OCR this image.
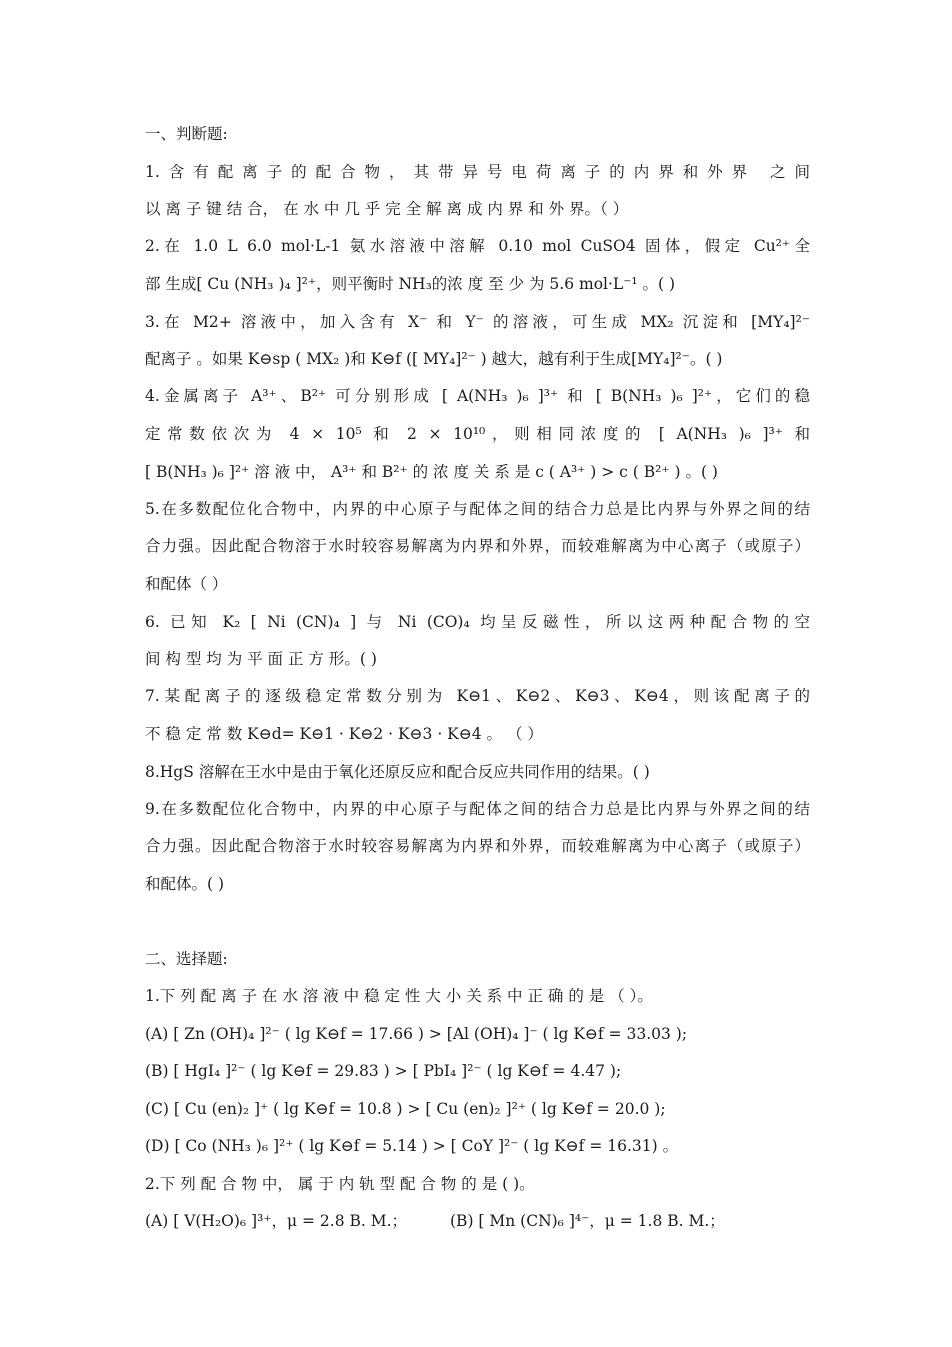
一、判断题:
1.含有配离子的配合物，其带异号电荷离子的内界和外界 之间
以 离 子 键 结 合， 在 水 中 几 乎 完 全 解 离 成 内 界 和 外 界。（ ）
2.在 1.0 L 6.0 mol·L-1 氨水溶液中溶解 0.10 mol CuSO4 固体，假定 Cu²⁺全
部 生成[ Cu (NH₃ )₄ ]²⁺，则平衡时 NH₃的浓 度 至 少 为 5.6 mol·L⁻¹ 。( )
3.在 M2+ 溶液中，加入含有 X⁻ 和 Y⁻ 的溶液，可生成 MX₂ 沉淀和 [MY₄]²⁻
配离子 。如果 K⊖sp ( MX₂ )和 K⊖f ([ MY₄]²⁻ ) 越大，越有利于生成[MY₄]²⁻。( )
4.金属离子 A³⁺、B²⁺ 可分别形成 [ A(NH₃ )₆ ]³⁺ 和 [ B(NH₃ )₆ ]²⁺，它们的稳
定常数依次为 4 × 10⁵ 和 2 × 10¹⁰，则相同浓度的 [ A(NH₃ )₆ ]³⁺ 和
[ B(NH₃ )₆ ]²⁺ 溶 液 中， A³⁺ 和 B²⁺ 的 浓 度 关 系 是 c ( A³⁺ ) > c ( B²⁺ ) 。( )
5.在多数配位化合物中，内界的中心原子与配体之间的结合力总是比内界与外界之间的结
合力强。因此配合物溶于水时较容易解离为内界和外界，而较难解离为中心离子（或原子）
和配体（ ）
6. 已知 K₂ [ Ni (CN)₄ ] 与 Ni (CO)₄ 均呈反磁性，所以这两种配合物的空
间 构 型 均 为 平 面 正 方 形。( )
7.某配离子的逐级稳定常数分别为 K⊖1、K⊖2、K⊖3、K⊖4，则该配离子的
不 稳 定 常 数 K⊖d= K⊖1 · K⊖2 · K⊖3 · K⊖4 。 （ ）
8.HgS 溶解在王水中是由于氧化还原反应和配合反应共同作用的结果。( )
9.在多数配位化合物中，内界的中心原子与配体之间的结合力总是比内界与外界之间的结
合力强。因此配合物溶于水时较容易解离为内界和外界，而较难解离为中心离子（或原子）
和配体。( )
二、选择题:
1.下 列 配 离 子 在 水 溶 液 中 稳 定 性 大 小 关 系 中 正 确 的 是 （ ）。
(A) [ Zn (OH)₄ ]²⁻ ( lg K⊖f = 17.66 ) > [Al (OH)₄ ]⁻ ( lg K⊖f = 33.03 );
(B) [ HgI₄ ]²⁻ ( lg K⊖f = 29.83 ) > [ PbI₄ ]²⁻ ( lg K⊖f = 4.47 );
(C) [ Cu (en)₂ ]⁺ ( lg K⊖f = 10.8 ) > [ Cu (en)₂ ]²⁺ ( lg K⊖f = 20.0 );
(D) [ Co (NH₃ )₆ ]²⁺ ( lg K⊖f = 5.14 ) > [ CoY ]²⁻ ( lg K⊖f = 16.31) 。
2.下 列 配 合 物 中， 属 于 内 轨 型 配 合 物 的 是 ( )。
(A) [ V(H₂O)₆ ]³⁺，μ = 2.8 B. M.；	(B) [ Mn (CN)₆ ]⁴⁻，μ = 1.8 B. M.；
